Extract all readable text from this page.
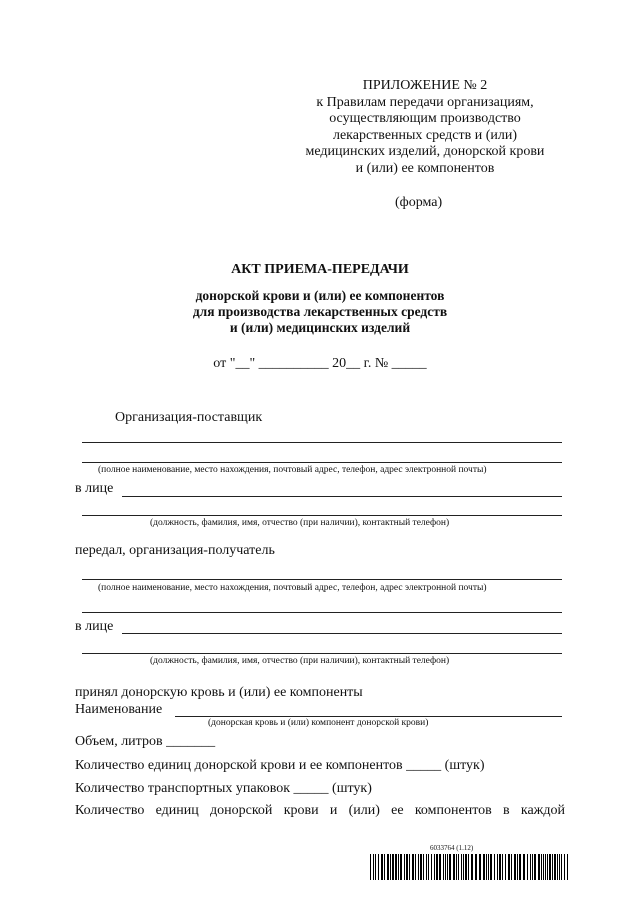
ПРИЛОЖЕНИЕ № 2
к Правилам передачи организациям,
осуществляющим производство
лекарственных средств и (или)
медицинских изделий, донорской крови
и (или) ее компонентов
(форма)
АКТ ПРИЕМА-ПЕРЕДАЧИ
донорской крови и (или) ее компонентов
для производства лекарственных средств
и (или) медицинских изделий
от "__" __________ 20__ г. № _____
Организация-поставщик
(полное наименование, место нахождения, почтовый адрес, телефон, адрес электронной почты)
в лице
(должность, фамилия, имя, отчество (при наличии), контактный телефон)
передал, организация-получатель
(полное наименование, место нахождения, почтовый адрес, телефон, адрес электронной почты)
в лице
(должность, фамилия, имя, отчество (при наличии), контактный телефон)
принял донорскую кровь и (или) ее компоненты
Наименование
(донорская кровь и (или) компонент донорской крови)
Объем, литров _______
Количество единиц донорской крови и ее компонентов _____ (штук)
Количество транспортных упаковок _____ (штук)
Количество единиц донорской крови и (или) ее компонентов в каждой
6033764 (1.12)
